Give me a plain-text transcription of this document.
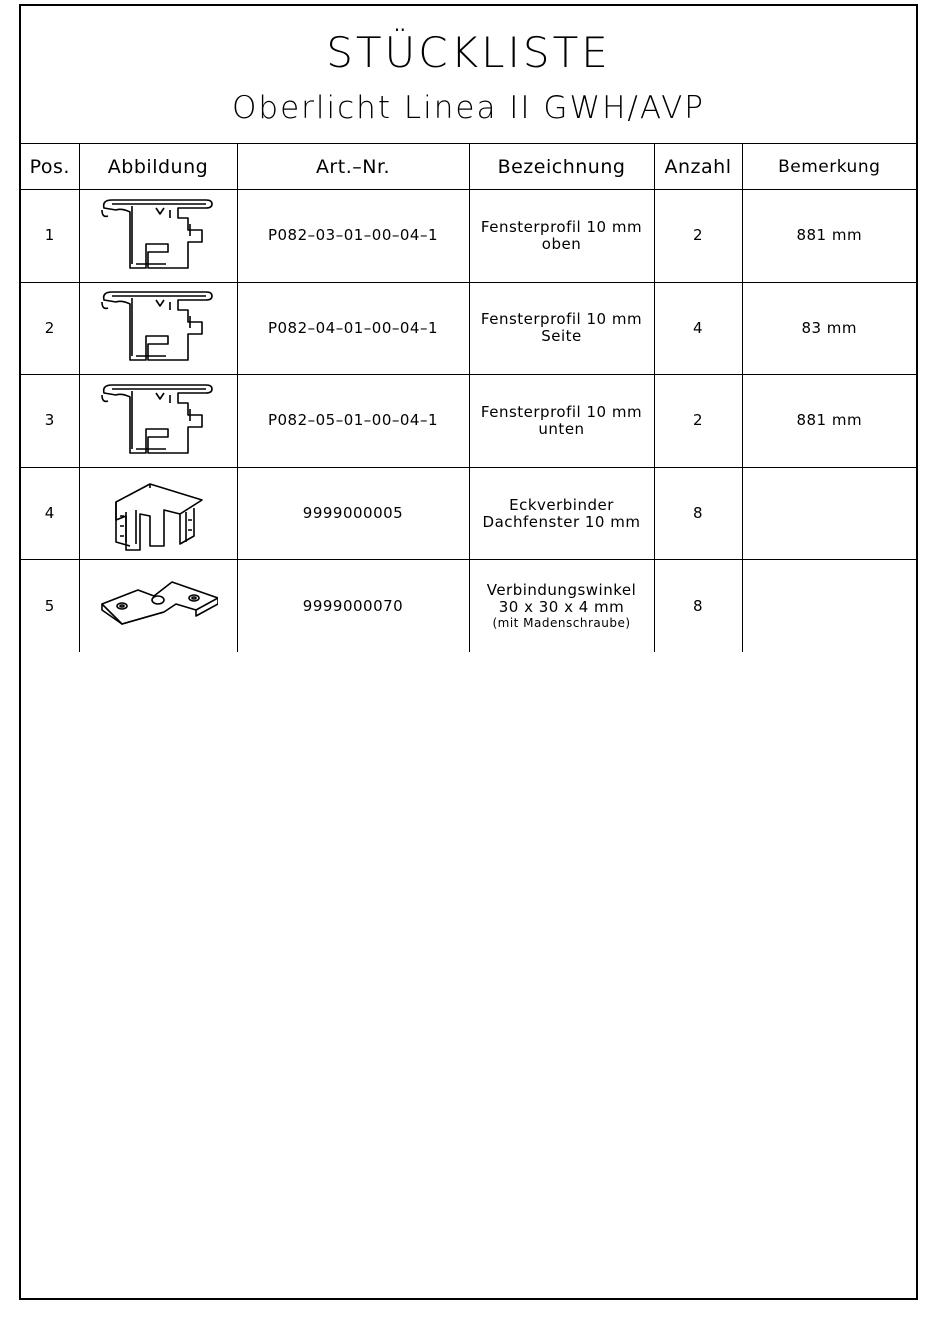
STÜCKLISTE
Oberlicht Linea II GWH/AVP
Pos.	Abbildung	Art.–Nr.	Bezeichnung	Anzahl	Bemerkung
1		P082–03–01–00–04–1	Fensterprofil 10 mm
oben	2	881 mm
2		P082–04–01–00–04–1	Fensterprofil 10 mm
Seite	4	83 mm
3		P082–05–01–00–04–1	Fensterprofil 10 mm
unten	2	881 mm
4		9999000005	Eckverbinder
Dachfenster 10 mm	8	

5		9999000070	Verbindungswinkel
30 x 30 x 4 mm
(mit Madenschraube)	8	
